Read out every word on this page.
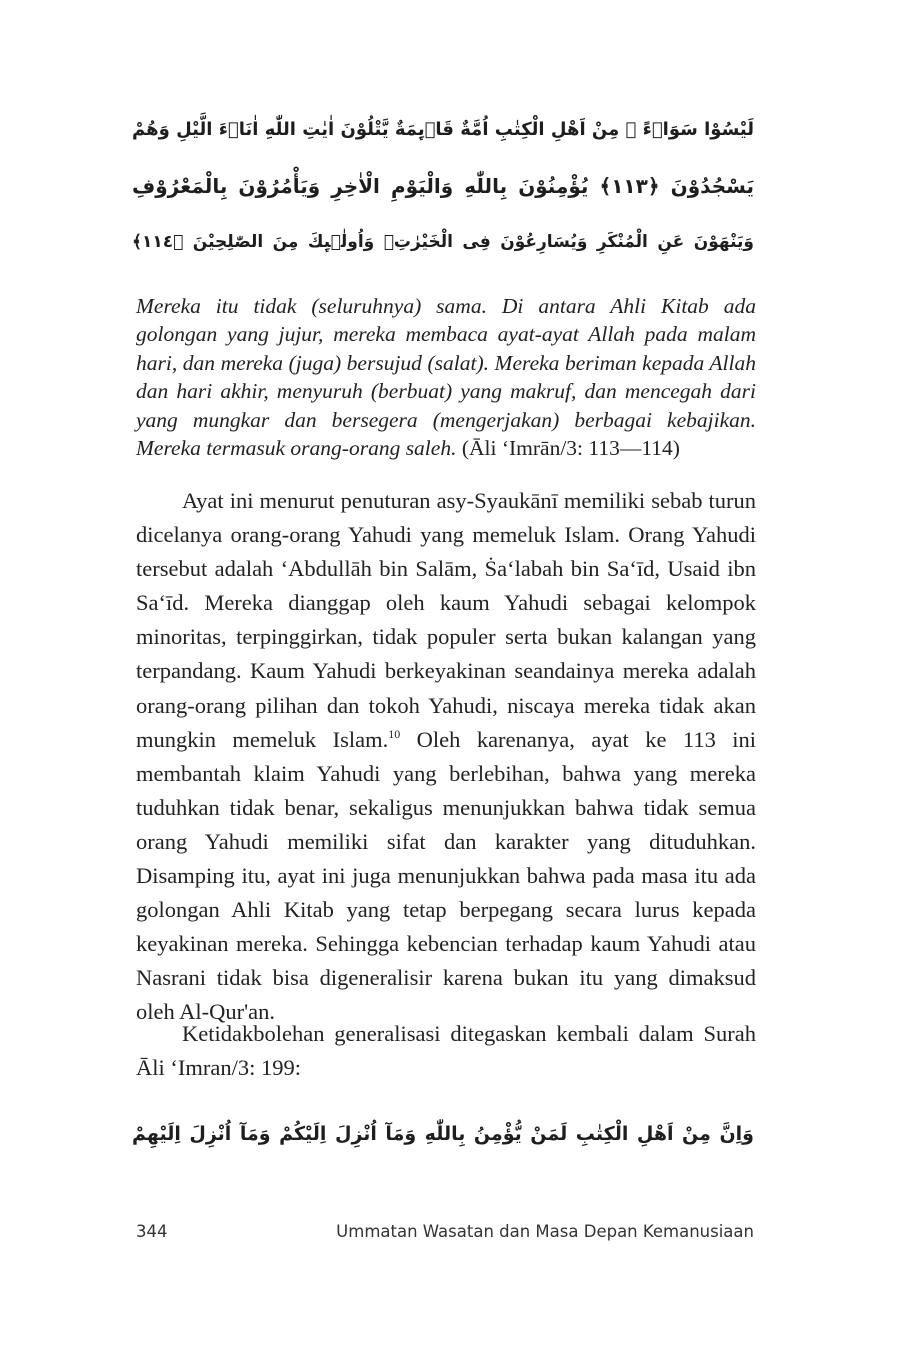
لَيْسُوْا سَوَاۤءً ۗ مِنْ اَهْلِ الْكِتٰبِ اُمَّةٌ قَاۤىِٕمَةٌ يَّتْلُوْنَ اٰيٰتِ اللّٰهِ اٰنَاۤءَ الَّيْلِ وَهُمْ
يَسْجُدُوْنَ ﴿١١٣﴾ يُؤْمِنُوْنَ بِاللّٰهِ وَالْيَوْمِ الْاٰخِرِ وَيَأْمُرُوْنَ بِالْمَعْرُوْفِ
وَيَنْهَوْنَ عَنِ الْمُنْكَرِ وَيُسَارِعُوْنَ فِى الْخَيْرٰتِۗ وَاُولٰۤىِٕكَ مِنَ الصّٰلِحِيْنَ ﴿١١٤﴾
Mereka itu tidak (seluruhnya) sama. Di antara Ahli Kitab ada golongan yang jujur, mereka membaca ayat-ayat Allah pada malam hari, dan mereka (juga) bersujud (salat). Mereka beriman kepada Allah dan hari akhir, menyuruh (berbuat) yang makruf, dan mencegah dari yang mungkar dan bersegera (mengerjakan) berbagai kebajikan. Mereka termasuk orang-orang saleh. (Āli ‘Imrān/3: 113—114)

Ayat ini menurut penuturan asy-Syaukānī memiliki sebab turun dicelanya orang-orang Yahudi yang memeluk Islam. Orang Yahudi tersebut adalah ‘Abdullāh bin Salām, Ṡa‘labah bin Sa‘īd, Usaid ibn Sa‘īd. Mereka dianggap oleh kaum Yahudi sebagai kelompok minoritas, terpinggirkan, tidak populer serta bukan kalangan yang terpandang. Kaum Yahudi berkeyakinan seandainya mereka adalah orang-orang pilihan dan tokoh Yahudi, niscaya mereka tidak akan mungkin memeluk Islam.$^{10}$ Oleh karenanya, ayat ke 113 ini membantah klaim Yahudi yang berlebihan, bahwa yang mereka tuduhkan tidak benar, sekaligus menunjukkan bahwa tidak semua orang Yahudi memiliki sifat dan karakter yang dituduhkan. Disamping itu, ayat ini juga menunjukkan bahwa pada masa itu ada golongan Ahli Kitab yang tetap berpegang secara lurus kepada keyakinan mereka. Sehingga kebencian terhadap kaum Yahudi atau Nasrani tidak bisa digeneralisir karena bukan itu yang dimaksud oleh Al-Qur'an.

Ketidakbolehan generalisasi ditegaskan kembali dalam Surah Āli ‘Imran/3: 199:

وَاِنَّ مِنْ اَهْلِ الْكِتٰبِ لَمَنْ يُّؤْمِنُ بِاللّٰهِ وَمَآ اُنْزِلَ اِلَيْكُمْ وَمَآ اُنْزِلَ اِلَيْهِمْ
344	Ummatan Wasatan dan Masa Depan Kemanusiaan
